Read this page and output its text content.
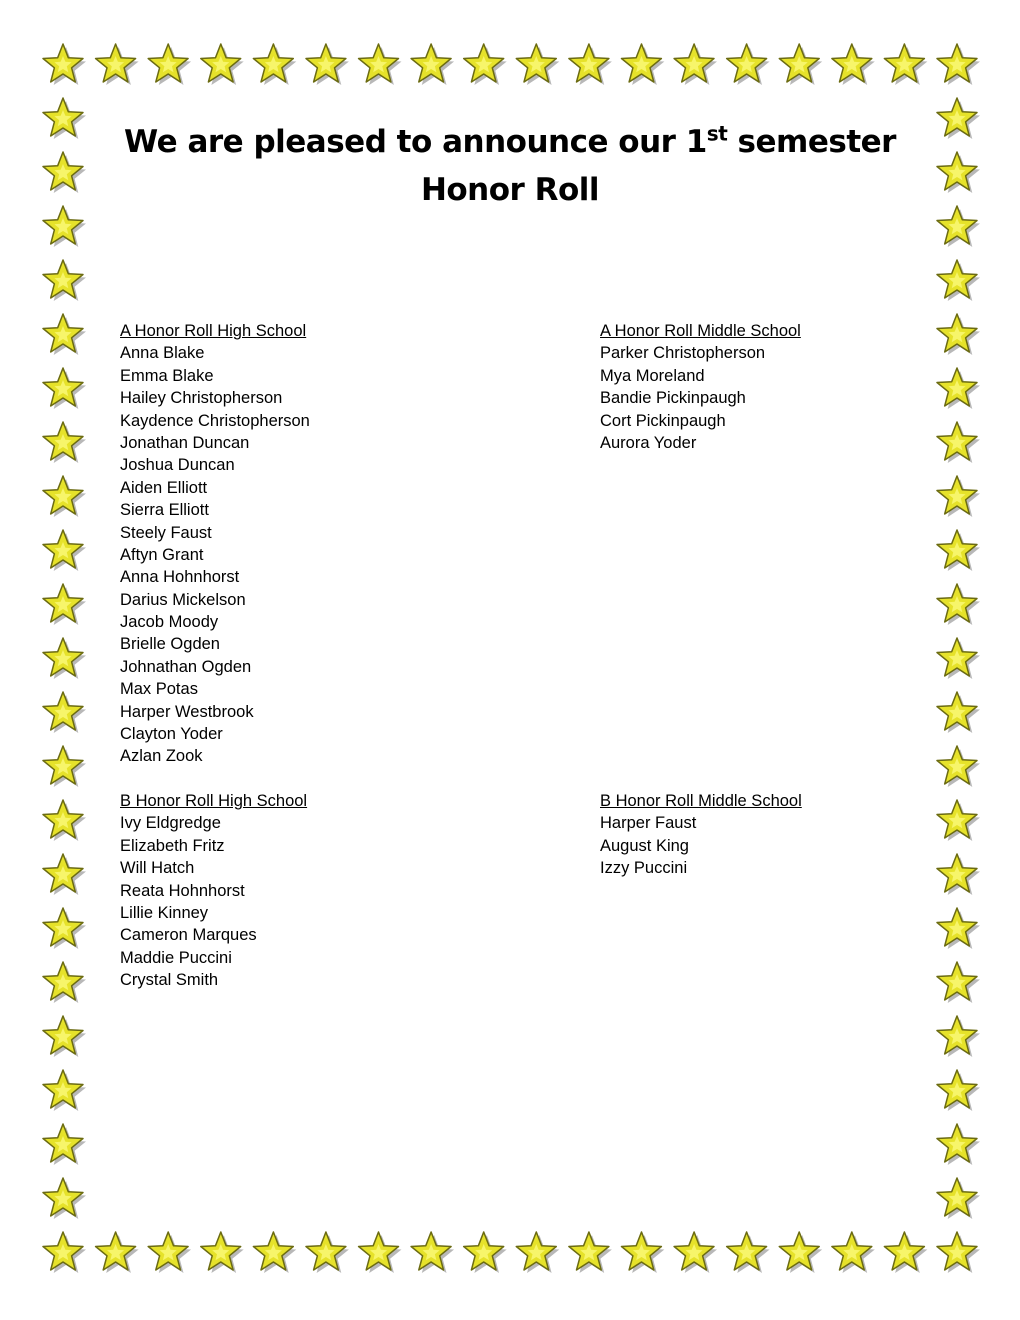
We are pleased to announce our 1st semester
Honor Roll
A Honor Roll High School
Anna Blake
Emma Blake
Hailey Christopherson
Kaydence Christopherson
Jonathan Duncan
Joshua Duncan
Aiden Elliott
Sierra Elliott
Steely Faust
Aftyn Grant
Anna Hohnhorst
Darius Mickelson
Jacob Moody
Brielle Ogden
Johnathan Ogden
Max Potas
Harper Westbrook
Clayton Yoder
Azlan Zook
A Honor Roll Middle School
Parker Christopherson
Mya Moreland
Bandie Pickinpaugh
Cort Pickinpaugh
Aurora Yoder
B Honor Roll High School
Ivy Eldgredge
Elizabeth Fritz
Will Hatch
Reata Hohnhorst
Lillie Kinney
Cameron Marques
Maddie Puccini
Crystal Smith
B Honor Roll Middle School
Harper Faust
August King
Izzy Puccini
